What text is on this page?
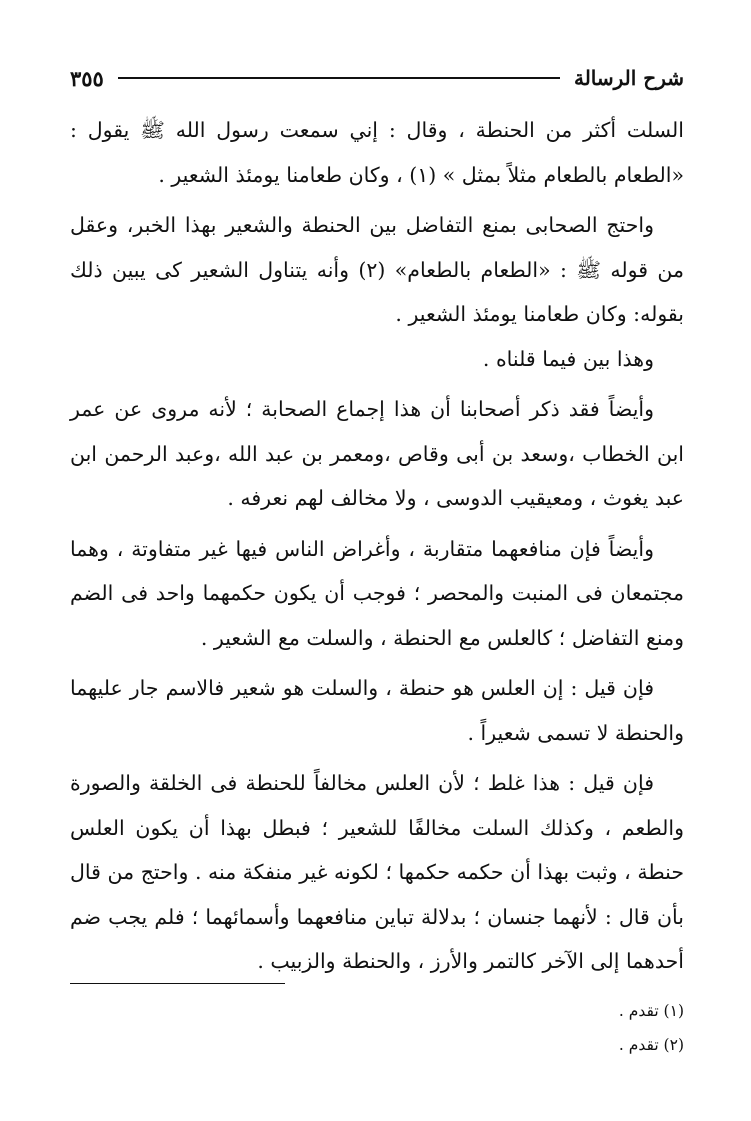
شرح الرسالة
٣٥٥

السلت أكثر من الحنطة ، وقال : إني سمعت رسول الله ﷺ يقول : «الطعام بالطعام مثلاً بمثل » (١) ، وكان طعامنا يومئذ الشعير .

واحتج الصحابى بمنع التفاضل بين الحنطة والشعير بهذا الخبر، وعقل من قوله ﷺ : «الطعام بالطعام» (٢) وأنه يتناول الشعير كى يبين ذلك بقوله: وكان طعامنا يومئذ الشعير .

وهذا بين فيما قلناه .

وأيضاً فقد ذكر أصحابنا أن هذا إجماع الصحابة ؛ لأنه مروى عن عمر ابن الخطاب ،وسعد بن أبى وقاص ،ومعمر بن عبد الله ،وعبد الرحمن ابن عبد يغوث ، ومعيقيب الدوسى ، ولا مخالف لهم نعرفه .

وأيضاً فإن منافعهما متقاربة ، وأغراض الناس فيها غير متفاوتة ، وهما مجتمعان فى المنبت والمحصر ؛ فوجب أن يكون حكمهما واحد فى الضم ومنع التفاضل ؛ كالعلس مع الحنطة ، والسلت مع الشعير .

فإن قيل : إن العلس هو حنطة ، والسلت هو شعير فالاسم جار عليهما والحنطة لا تسمى شعيراً .

فإن قيل : هذا غلط ؛ لأن العلس مخالفاً للحنطة فى الخلقة والصورة والطعم ، وكذلك السلت مخالفًا للشعير ؛ فبطل بهذا أن يكون العلس حنطة ، وثبت بهذا أن حكمه حكمها ؛ لكونه غير منفكة منه . واحتج من قال بأن قال : لأنهما جنسان ؛ بدلالة تباين منافعهما وأسمائهما ؛ فلم يجب ضم أحدهما إلى الآخر كالتمر والأرز ، والحنطة والزبيب .

(١) تقدم .
(٢) تقدم .
